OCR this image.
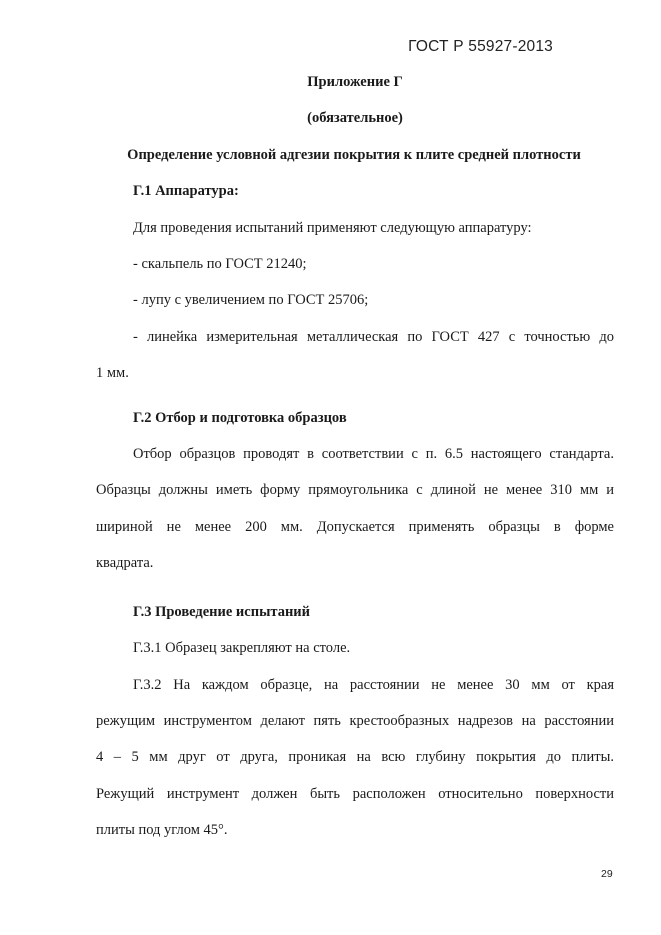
ГОСТ Р 55927-2013
Приложение Г
(обязательное)
Определение условной адгезии покрытия к плите средней плотности
Г.1 Аппаратура:
Для проведения испытаний применяют следующую аппаратуру:
- скальпель по ГОСТ 21240;
- лупу с увеличением по ГОСТ 25706;
- линейка измерительная металлическая по ГОСТ 427 с точностью до
1 мм.
Г.2 Отбор и подготовка образцов
Отбор образцов проводят в соответствии с п. 6.5 настоящего стандарта.
Образцы должны иметь форму прямоугольника с длиной не менее 310 мм и
шириной не менее 200 мм. Допускается применять образцы в форме
квадрата.
Г.3 Проведение испытаний
Г.3.1 Образец закрепляют на столе.
Г.3.2 На каждом образце, на расстоянии не менее 30 мм от края
режущим инструментом делают пять крестообразных надрезов на расстоянии
4 – 5 мм друг от друга, проникая на всю глубину покрытия до плиты.
Режущий инструмент должен быть расположен относительно поверхности
плиты под углом 45°.
29
